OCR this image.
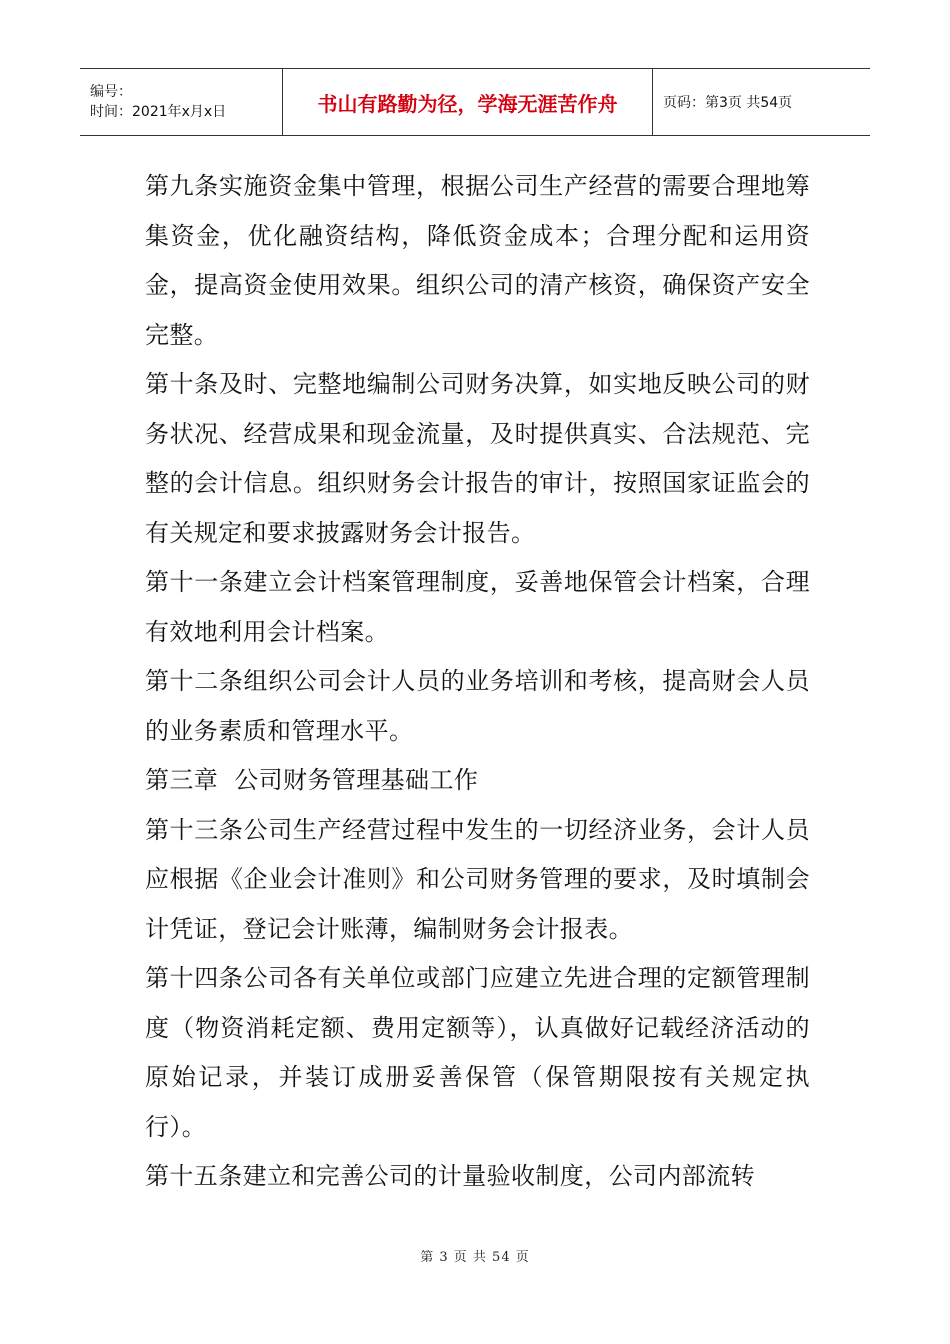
编号：
时间：2021年x月x日	书山有路勤为径，学海无涯苦作舟	页码：第3页 共54页

第九条实施资金集中管理，根据公司生产经营的需要合理地筹集资金，优化融资结构，降低资金成本；合理分配和运用资金，提高资金使用效果。组织公司的清产核资，确保资产安全完整。

第十条及时、完整地编制公司财务决算，如实地反映公司的财务状况、经营成果和现金流量，及时提供真实、合法规范、完整的会计信息。组织财务会计报告的审计，按照国家证监会的有关规定和要求披露财务会计报告。

第十一条建立会计档案管理制度，妥善地保管会计档案，合理有效地利用会计档案。

第十二条组织公司会计人员的业务培训和考核，提高财会人员的业务素质和管理水平。

第三章  公司财务管理基础工作

第十三条公司生产经营过程中发生的一切经济业务，会计人员应根据《企业会计准则》和公司财务管理的要求，及时填制会计凭证，登记会计账薄，编制财务会计报表。

第十四条公司各有关单位或部门应建立先进合理的定额管理制度（物资消耗定额、费用定额等），认真做好记载经济活动的原始记录，并装订成册妥善保管（保管期限按有关规定执行）。

第十五条建立和完善公司的计量验收制度，公司内部流转

第 3 页 共 54 页
